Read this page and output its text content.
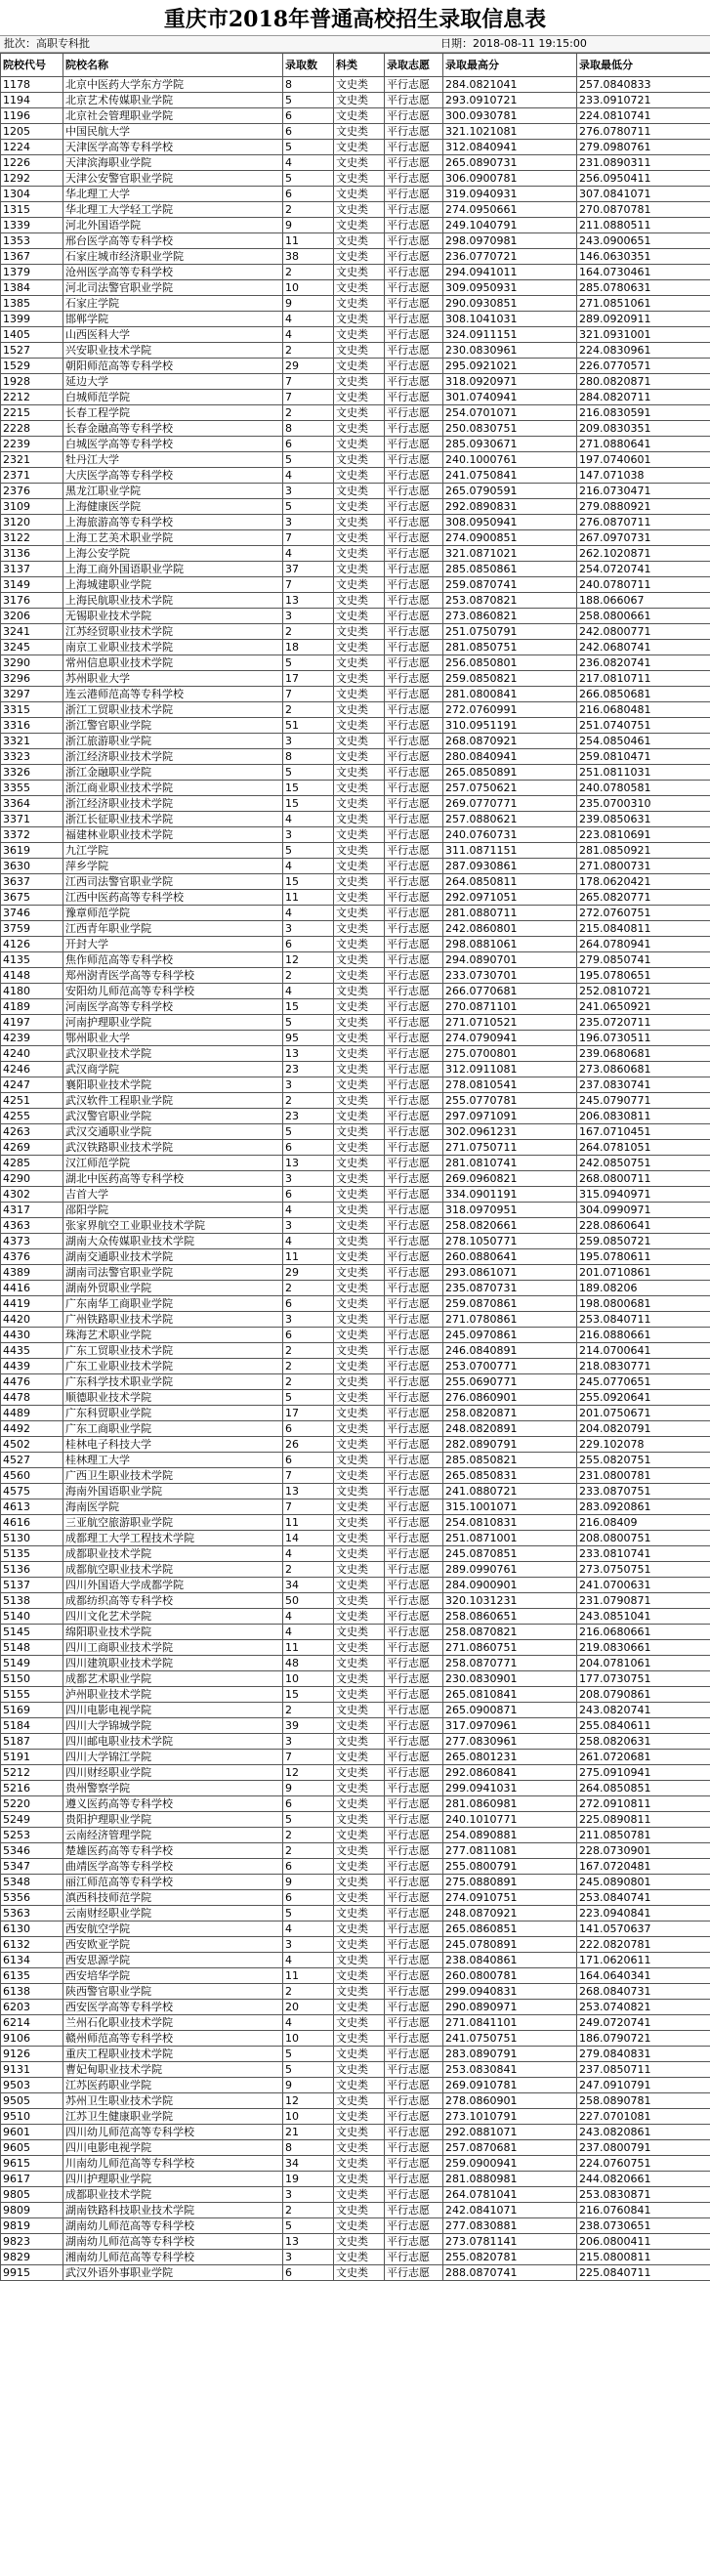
重庆市2018年普通高校招生录取信息表
批次：高职专科批	日期：2018-08-11 19:15:00
院校代号	院校名称	录取数	科类	录取志愿	录取最高分	录取最低分
1178	北京中医药大学东方学院	8	文史类	平行志愿	284.0821041	257.0840833
1194	北京艺术传媒职业学院	5	文史类	平行志愿	293.0910721	233.0910721
1196	北京社会管理职业学院	6	文史类	平行志愿	300.0930781	224.0810741
1205	中国民航大学	6	文史类	平行志愿	321.1021081	276.0780711
1224	天津医学高等专科学校	5	文史类	平行志愿	312.0840941	279.0980761
1226	天津滨海职业学院	4	文史类	平行志愿	265.0890731	231.0890311
1292	天津公安警官职业学院	5	文史类	平行志愿	306.0900781	256.0950411
1304	华北理工大学	6	文史类	平行志愿	319.0940931	307.0841071
1315	华北理工大学轻工学院	2	文史类	平行志愿	274.0950661	270.0870781
1339	河北外国语学院	9	文史类	平行志愿	249.1040791	211.0880511
1353	邢台医学高等专科学校	11	文史类	平行志愿	298.0970981	243.0900651
1367	石家庄城市经济职业学院	38	文史类	平行志愿	236.0770721	146.0630351
1379	沧州医学高等专科学校	2	文史类	平行志愿	294.0941011	164.0730461
1384	河北司法警官职业学院	10	文史类	平行志愿	309.0950931	285.0780631
1385	石家庄学院	9	文史类	平行志愿	290.0930851	271.0851061
1399	邯郸学院	4	文史类	平行志愿	308.1041031	289.0920911
1405	山西医科大学	4	文史类	平行志愿	324.0911151	321.0931001
1527	兴安职业技术学院	2	文史类	平行志愿	230.0830961	224.0830961
1529	朝阳师范高等专科学校	29	文史类	平行志愿	295.0921021	226.0770571
1928	延边大学	7	文史类	平行志愿	318.0920971	280.0820871
2212	白城师范学院	7	文史类	平行志愿	301.0740941	284.0820711
2215	长春工程学院	2	文史类	平行志愿	254.0701071	216.0830591
2228	长春金融高等专科学校	8	文史类	平行志愿	250.0830751	209.0830351
2239	白城医学高等专科学校	6	文史类	平行志愿	285.0930671	271.0880641
2321	牡丹江大学	5	文史类	平行志愿	240.1000761	197.0740601
2371	大庆医学高等专科学校	4	文史类	平行志愿	241.0750841	147.071038
2376	黑龙江职业学院	3	文史类	平行志愿	265.0790591	216.0730471
3109	上海健康医学院	5	文史类	平行志愿	292.0890831	279.0880921
3120	上海旅游高等专科学校	3	文史类	平行志愿	308.0950941	276.0870711
3122	上海工艺美术职业学院	7	文史类	平行志愿	274.0900851	267.0970731
3136	上海公安学院	4	文史类	平行志愿	321.0871021	262.1020871
3137	上海工商外国语职业学院	37	文史类	平行志愿	285.0850861	254.0720741
3149	上海城建职业学院	7	文史类	平行志愿	259.0870741	240.0780711
3176	上海民航职业技术学院	13	文史类	平行志愿	253.0870821	188.066067
3206	无锡职业技术学院	3	文史类	平行志愿	273.0860821	258.0800661
3241	江苏经贸职业技术学院	2	文史类	平行志愿	251.0750791	242.0800771
3245	南京工业职业技术学院	18	文史类	平行志愿	281.0850751	242.0680741
3290	常州信息职业技术学院	5	文史类	平行志愿	256.0850801	236.0820741
3296	苏州职业大学	17	文史类	平行志愿	259.0850821	217.0810711
3297	连云港师范高等专科学校	7	文史类	平行志愿	281.0800841	266.0850681
3315	浙江工贸职业技术学院	2	文史类	平行志愿	272.0760991	216.0680481
3316	浙江警官职业学院	51	文史类	平行志愿	310.0951191	251.0740751
3321	浙江旅游职业学院	3	文史类	平行志愿	268.0870921	254.0850461
3323	浙江经济职业技术学院	8	文史类	平行志愿	280.0840941	259.0810471
3326	浙江金融职业学院	5	文史类	平行志愿	265.0850891	251.0811031
3355	浙江商业职业技术学院	15	文史类	平行志愿	257.0750621	240.0780581
3364	浙江经济职业技术学院	15	文史类	平行志愿	269.0770771	235.0700310
3371	浙江长征职业技术学院	4	文史类	平行志愿	257.0880621	239.0850631
3372	福建林业职业技术学院	3	文史类	平行志愿	240.0760731	223.0810691
3619	九江学院	5	文史类	平行志愿	311.0871151	281.0850921
3630	萍乡学院	4	文史类	平行志愿	287.0930861	271.0800731
3637	江西司法警官职业学院	15	文史类	平行志愿	264.0850811	178.0620421
3675	江西中医药高等专科学校	11	文史类	平行志愿	292.0971051	265.0820771
3746	豫章师范学院	4	文史类	平行志愿	281.0880711	272.0760751
3759	江西青年职业学院	3	文史类	平行志愿	242.0860801	215.0840811
4126	开封大学	6	文史类	平行志愿	298.0881061	264.0780941
4135	焦作师范高等专科学校	12	文史类	平行志愿	294.0890701	279.0850741
4148	郑州澍青医学高等专科学校	2	文史类	平行志愿	233.0730701	195.0780651
4180	安阳幼儿师范高等专科学校	4	文史类	平行志愿	266.0770681	252.0810721
4189	河南医学高等专科学校	15	文史类	平行志愿	270.0871101	241.0650921
4197	河南护理职业学院	5	文史类	平行志愿	271.0710521	235.0720711
4239	鄂州职业大学	95	文史类	平行志愿	274.0790941	196.0730511
4240	武汉职业技术学院	13	文史类	平行志愿	275.0700801	239.0680681
4246	武汉商学院	23	文史类	平行志愿	312.0911081	273.0860681
4247	襄阳职业技术学院	3	文史类	平行志愿	278.0810541	237.0830741
4251	武汉软件工程职业学院	2	文史类	平行志愿	255.0770781	245.0790771
4255	武汉警官职业学院	23	文史类	平行志愿	297.0971091	206.0830811
4263	武汉交通职业学院	5	文史类	平行志愿	302.0961231	167.0710451
4269	武汉铁路职业技术学院	6	文史类	平行志愿	271.0750711	264.0781051
4285	汉江师范学院	13	文史类	平行志愿	281.0810741	242.0850751
4290	湖北中医药高等专科学校	3	文史类	平行志愿	269.0960821	268.0800711
4302	吉首大学	6	文史类	平行志愿	334.0901191	315.0940971
4317	邵阳学院	4	文史类	平行志愿	318.0970951	304.0990971
4363	张家界航空工业职业技术学院	3	文史类	平行志愿	258.0820661	228.0860641
4373	湖南大众传媒职业技术学院	4	文史类	平行志愿	278.1050771	259.0850721
4376	湖南交通职业技术学院	11	文史类	平行志愿	260.0880641	195.0780611
4389	湖南司法警官职业学院	29	文史类	平行志愿	293.0861071	201.0710861
4416	湖南外贸职业学院	2	文史类	平行志愿	235.0870731	189.08206
4419	广东南华工商职业学院	6	文史类	平行志愿	259.0870861	198.0800681
4420	广州铁路职业技术学院	3	文史类	平行志愿	271.0780861	253.0840711
4430	珠海艺术职业学院	6	文史类	平行志愿	245.0970861	216.0880661
4435	广东工贸职业技术学院	2	文史类	平行志愿	246.0840891	214.0700641
4439	广东工业职业技术学院	2	文史类	平行志愿	253.0700771	218.0830771
4476	广东科学技术职业学院	2	文史类	平行志愿	255.0690771	245.0770651
4478	顺德职业技术学院	5	文史类	平行志愿	276.0860901	255.0920641
4489	广东科贸职业学院	17	文史类	平行志愿	258.0820871	201.0750671
4492	广东工商职业学院	6	文史类	平行志愿	248.0820891	204.0820791
4502	桂林电子科技大学	26	文史类	平行志愿	282.0890791	229.102078
4527	桂林理工大学	6	文史类	平行志愿	285.0850821	255.0820751
4560	广西卫生职业技术学院	7	文史类	平行志愿	265.0850831	231.0800781
4575	海南外国语职业学院	13	文史类	平行志愿	241.0880721	233.0870751
4613	海南医学院	7	文史类	平行志愿	315.1001071	283.0920861
4616	三亚航空旅游职业学院	11	文史类	平行志愿	254.0810831	216.08409
5130	成都理工大学工程技术学院	14	文史类	平行志愿	251.0871001	208.0800751
5135	成都职业技术学院	4	文史类	平行志愿	245.0870851	233.0810741
5136	成都航空职业技术学院	2	文史类	平行志愿	289.0990761	273.0750751
5137	四川外国语大学成都学院	34	文史类	平行志愿	284.0900901	241.0700631
5138	成都纺织高等专科学校	50	文史类	平行志愿	320.1031231	231.0790871
5140	四川文化艺术学院	4	文史类	平行志愿	258.0860651	243.0851041
5145	绵阳职业技术学院	4	文史类	平行志愿	258.0870821	216.0680661
5148	四川工商职业技术学院	11	文史类	平行志愿	271.0860751	219.0830661
5149	四川建筑职业技术学院	48	文史类	平行志愿	258.0870771	204.0781061
5150	成都艺术职业学院	10	文史类	平行志愿	230.0830901	177.0730751
5155	泸州职业技术学院	15	文史类	平行志愿	265.0810841	208.0790861
5169	四川电影电视学院	2	文史类	平行志愿	265.0900871	243.0820741
5184	四川大学锦城学院	39	文史类	平行志愿	317.0970961	255.0840611
5187	四川邮电职业技术学院	3	文史类	平行志愿	277.0830961	258.0820631
5191	四川大学锦江学院	7	文史类	平行志愿	265.0801231	261.0720681
5212	四川财经职业学院	12	文史类	平行志愿	292.0860841	275.0910941
5216	贵州警察学院	9	文史类	平行志愿	299.0941031	264.0850851
5220	遵义医药高等专科学校	6	文史类	平行志愿	281.0860981	272.0910811
5249	贵阳护理职业学院	5	文史类	平行志愿	240.1010771	225.0890811
5253	云南经济管理学院	2	文史类	平行志愿	254.0890881	211.0850781
5346	楚雄医药高等专科学校	2	文史类	平行志愿	277.0811081	228.0730901
5347	曲靖医学高等专科学校	6	文史类	平行志愿	255.0800791	167.0720481
5348	丽江师范高等专科学校	9	文史类	平行志愿	275.0880891	245.0890801
5356	滇西科技师范学院	6	文史类	平行志愿	274.0910751	253.0840741
5363	云南财经职业学院	5	文史类	平行志愿	248.0870921	223.0940841
6130	西安航空学院	4	文史类	平行志愿	265.0860851	141.0570637
6132	西安欧亚学院	3	文史类	平行志愿	245.0780891	222.0820781
6134	西安思源学院	4	文史类	平行志愿	238.0840861	171.0620611
6135	西安培华学院	11	文史类	平行志愿	260.0800781	164.0640341
6138	陕西警官职业学院	2	文史类	平行志愿	299.0940831	268.0840731
6203	西安医学高等专科学校	20	文史类	平行志愿	290.0890971	253.0740821
6214	兰州石化职业技术学院	4	文史类	平行志愿	271.0841101	249.0720741
9106	赣州师范高等专科学校	10	文史类	平行志愿	241.0750751	186.0790721
9126	重庆工程职业技术学院	5	文史类	平行志愿	283.0890791	279.0840831
9131	曹妃甸职业技术学院	5	文史类	平行志愿	253.0830841	237.0850711
9503	江苏医药职业学院	9	文史类	平行志愿	269.0910781	247.0910791
9505	苏州卫生职业技术学院	12	文史类	平行志愿	278.0860901	258.0890781
9510	江苏卫生健康职业学院	10	文史类	平行志愿	273.1010791	227.0701081
9601	四川幼儿师范高等专科学校	21	文史类	平行志愿	292.0881071	243.0820861
9605	四川电影电视学院	8	文史类	平行志愿	257.0870681	237.0800791
9615	川南幼儿师范高等专科学校	34	文史类	平行志愿	259.0900941	224.0760751
9617	四川护理职业学院	19	文史类	平行志愿	281.0880981	244.0820661
9805	成都职业技术学院	3	文史类	平行志愿	264.0781041	253.0830871
9809	湖南铁路科技职业技术学院	2	文史类	平行志愿	242.0841071	216.0760841
9819	湖南幼儿师范高等专科学校	5	文史类	平行志愿	277.0830881	238.0730651
9823	湖南幼儿师范高等专科学校	13	文史类	平行志愿	273.0781141	206.0800411
9829	湘南幼儿师范高等专科学校	3	文史类	平行志愿	255.0820781	215.0800811
9915	武汉外语外事职业学院	6	文史类	平行志愿	288.0870741	225.0840711
